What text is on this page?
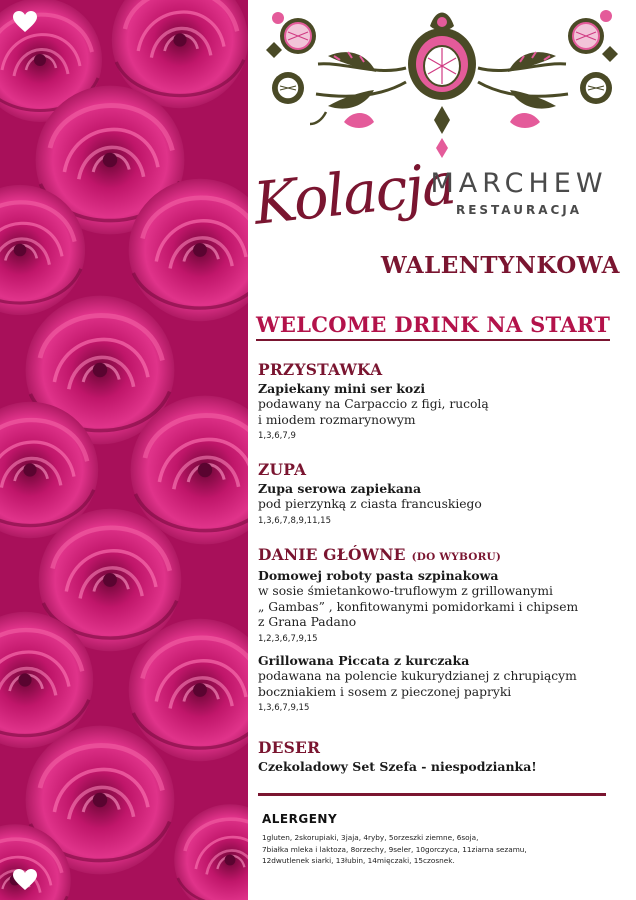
Kolacja
MARCHEW
RESTAURACJA
WALENTYNKOWA
WELCOME DRINK NA START
PRZYSTAWKA
Zapiekany mini ser kozi
podawany na Carpaccio z figi, rucolą
i miodem rozmarynowym
1,3,6,7,9
ZUPA
Zupa serowa zapiekana
pod pierzynką z ciasta francuskiego
1,3,6,7,8,9,11,15
DANIE GŁÓWNE (DO WYBORU)
Domowej roboty pasta szpinakowa
w sosie śmietankowo-truflowym z grillowanymi
„ Gambas” , konfitowanymi pomidorkami i chipsem
z Grana Padano
1,2,3,6,7,9,15
Grillowana Piccata z kurczaka
podawana na polencie kukurydzianej z chrupiącym
boczniakiem i sosem z pieczonej papryki
1,3,6,7,9,15
DESER
Czekoladowy Set Szefa - niespodzianka!
ALERGENY
1gluten, 2skorupiaki, 3jaja, 4ryby, 5orzeszki ziemne, 6soja,
7białka mleka i laktoza, 8orzechy, 9seler, 10gorczyca, 11ziarna sezamu,
12dwutlenek siarki, 13łubin, 14mięczaki, 15czosnek.
